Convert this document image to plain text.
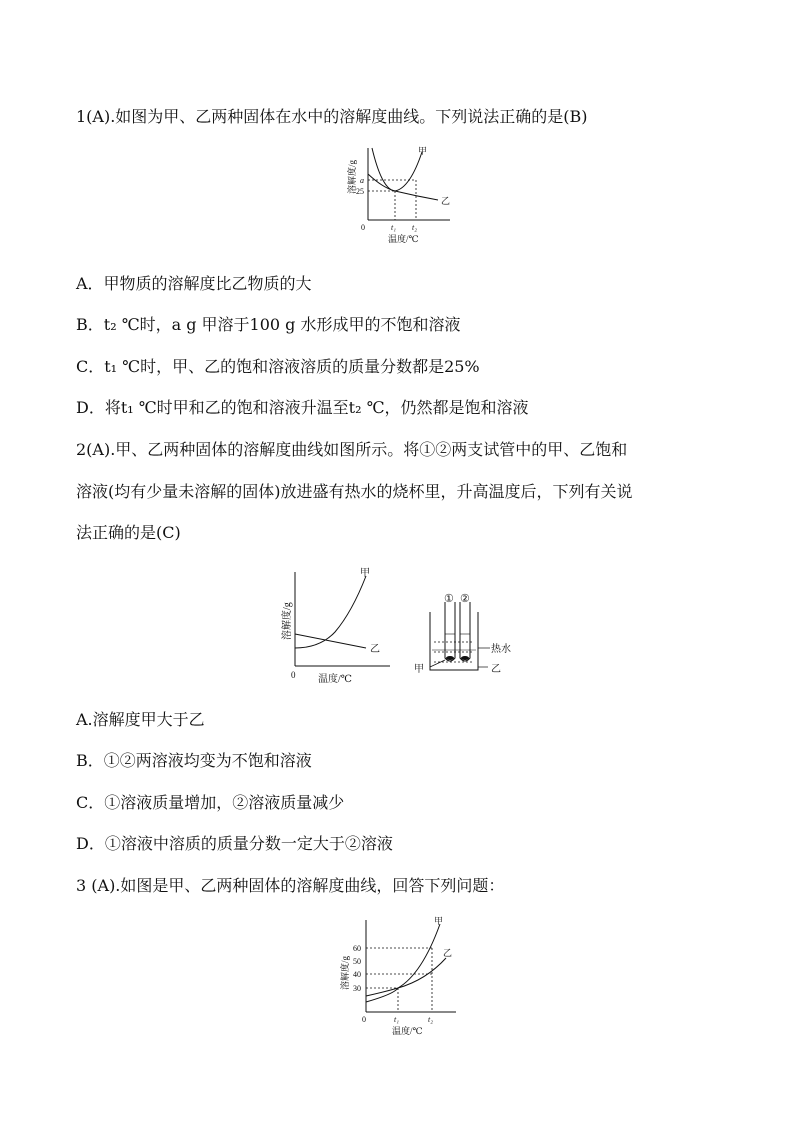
1(A).如图为甲、乙两种固体在水中的溶解度曲线。下列说法正确的是(B)
甲
乙
a
25
0	t₁ t₂
温度/℃
溶解度/g
A．甲物质的溶解度比乙物质的大
B．t₂ ℃时，a g 甲溶于100 g 水形成甲的不饱和溶液
C．t₁ ℃时，甲、乙的饱和溶液溶质的质量分数都是25%
D．将t₁ ℃时甲和乙的饱和溶液升温至t₂ ℃，仍然都是饱和溶液
2(A).甲、乙两种固体的溶解度曲线如图所示。将①②两支试管中的甲、乙饱和
溶液(均有少量未溶解的固体)放进盛有热水的烧杯里，升高温度后，下列有关说
法正确的是(C)
甲
乙
0 温度/℃
溶解度/g
① ②
热水
甲	乙
A.溶解度甲大于乙
B．①②两溶液均变为不饱和溶液
C．①溶液质量增加，②溶液质量减少
D．①溶液中溶质的质量分数一定大于②溶液
3 (A).如图是甲、乙两种固体的溶解度曲线，回答下列问题：
甲
乙
60
50
40
30
0	t₁	t₂
温度/℃
溶解度/g
